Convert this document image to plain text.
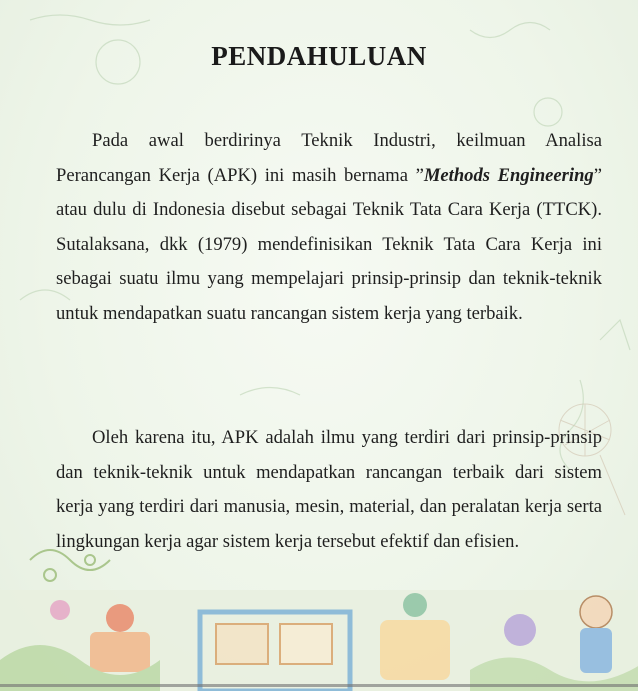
PENDAHULUAN
Pada awal berdirinya Teknik Industri, keilmuan Analisa Perancangan Kerja (APK) ini masih bernama ”Methods Engineering” atau dulu di Indonesia disebut sebagai Teknik Tata Cara Kerja (TTCK). Sutalaksana, dkk (1979) mendefinisikan Teknik Tata Cara Kerja ini sebagai suatu ilmu yang mempelajari prinsip-prinsip dan teknik-teknik untuk mendapatkan suatu rancangan sistem kerja yang terbaik.
Oleh karena itu, APK adalah ilmu yang terdiri dari prinsip-prinsip dan teknik-teknik untuk mendapatkan rancangan terbaik dari sistem kerja yang terdiri dari manusia, mesin, material, dan peralatan kerja serta lingkungan kerja agar sistem kerja tersebut efektif dan efisien.
